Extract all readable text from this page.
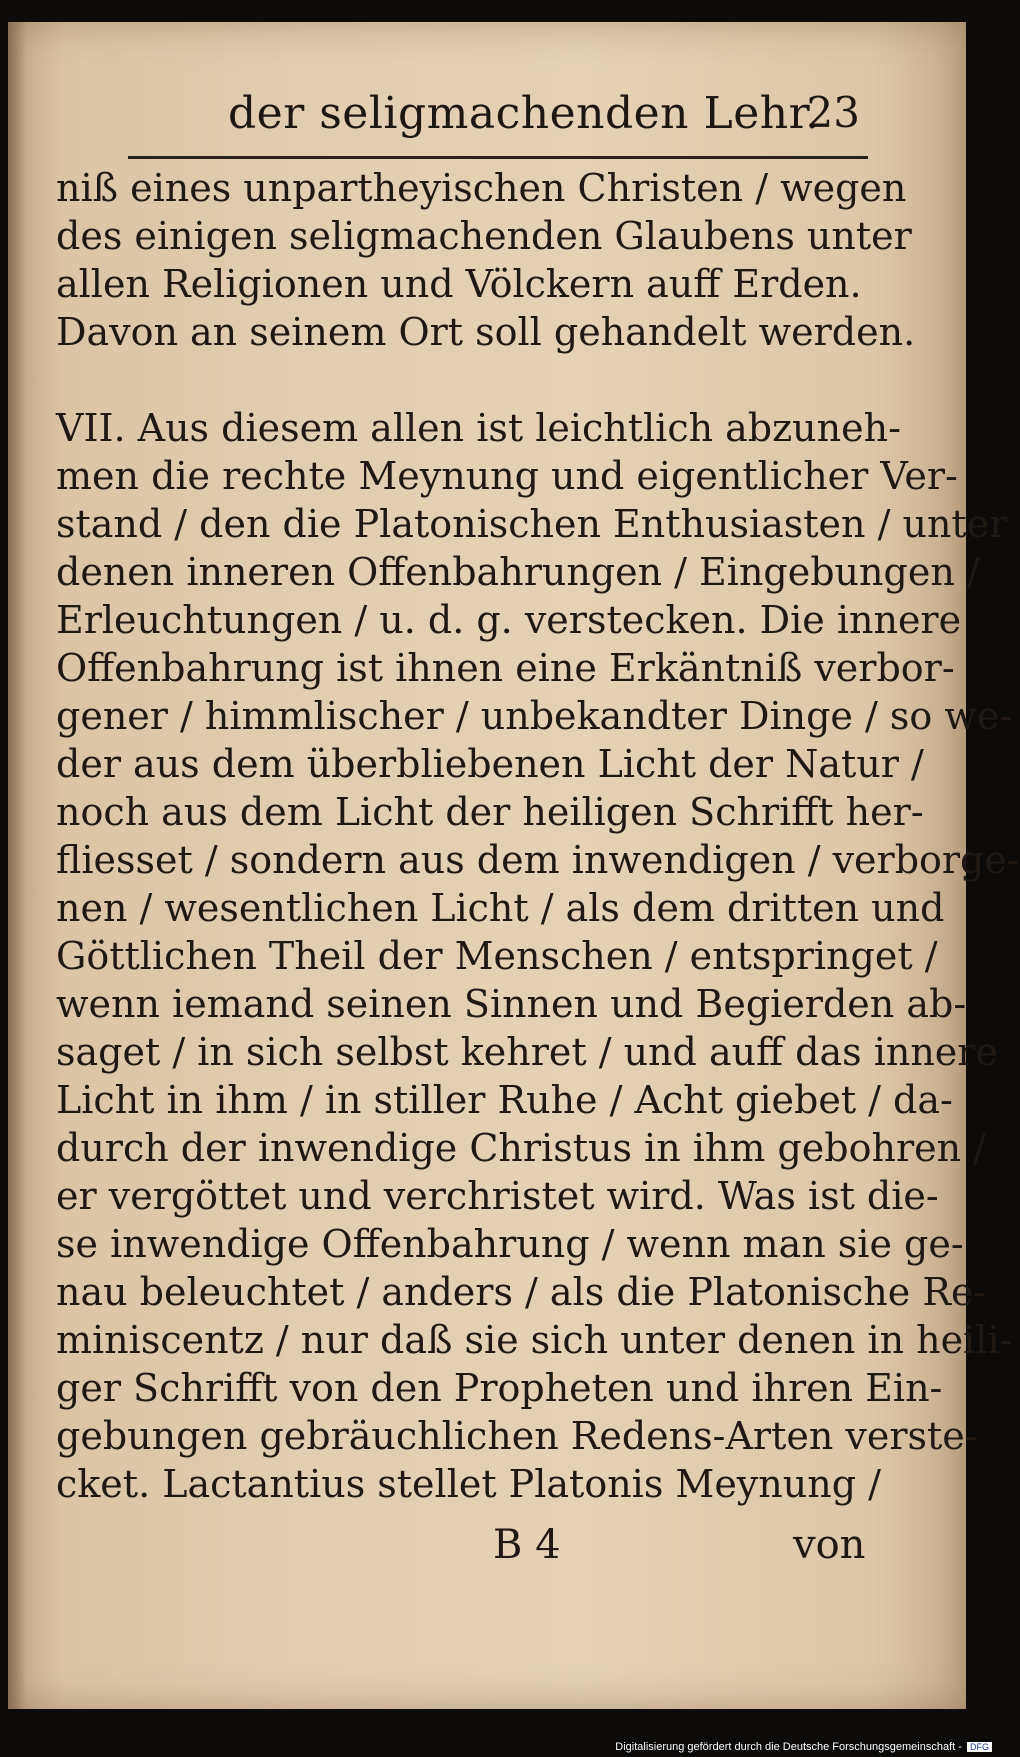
der seligmachenden Lehr.
23
niß eines unpartheyischen Christen / wegen
des einigen seligmachenden Glaubens unter
allen Religionen und Völckern auff Erden.
Davon an seinem Ort soll gehandelt werden.
VII. Aus diesem allen ist leichtlich abzuneh-
men die rechte Meynung und eigentlicher Ver-
stand / den die Platonischen Enthusiasten / unter
denen inneren Offenbahrungen / Eingebungen /
Erleuchtungen / u. d. g. verstecken. Die innere
Offenbahrung ist ihnen eine Erkäntniß verbor-
gener / himmlischer / unbekandter Dinge / so we-
der aus dem überbliebenen Licht der Natur /
noch aus dem Licht der heiligen Schrifft her-
fliesset / sondern aus dem inwendigen / verborge-
nen / wesentlichen Licht / als dem dritten und
Göttlichen Theil der Menschen / entspringet /
wenn iemand seinen Sinnen und Begierden ab-
saget / in sich selbst kehret / und auff das innere
Licht in ihm / in stiller Ruhe / Acht giebet / da-
durch der inwendige Christus in ihm gebohren /
er vergöttet und verchristet wird. Was ist die-
se inwendige Offenbahrung / wenn man sie ge-
nau beleuchtet / anders / als die Platonische Re-
miniscentz / nur daß sie sich unter denen in heili-
ger Schrifft von den Propheten und ihren Ein-
gebungen gebräuchlichen Redens-Arten verste-
cket. Lactantius stellet Platonis Meynung /
B 4	von
Digitalisierung gefördert durch die Deutsche Forschungsgemeinschaft - DFG
